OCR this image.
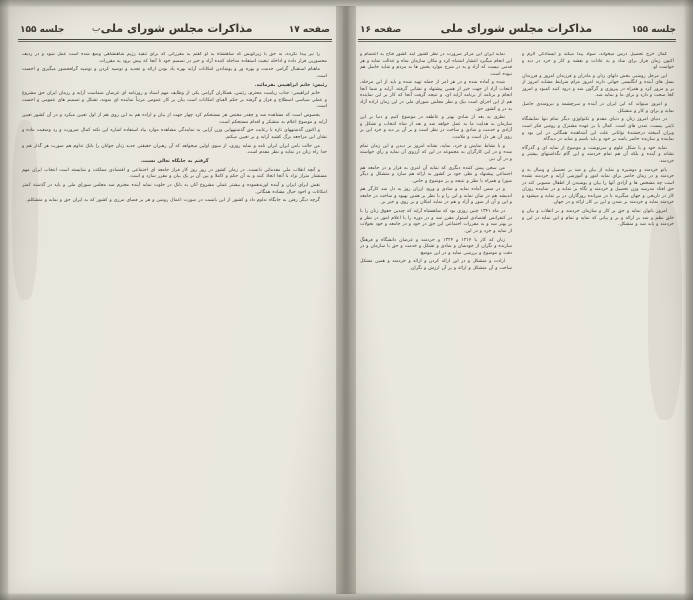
صفحه ۱۷
مذاکرات مجلس شورای ملی
جلسه ۱۵۵	جلسه ۱۵۵
مذاکرات مجلس شورای ملی
صفحه ۱۶
ب

را نیز پیدا نکرده، به حق با زیرگویش که شاهنشاه به او گفتم به مقرراتی که برای تنفیذ رژیم شاهنشاهی وضع شده است عمل شود و در ردیف محصورین قرار داده و اداخله تبعیت استفاده مداخله کننده آزاد و خیر در تصمیم خود تا آنجا که پیش برود به مقررات.

ماهنام استقبال گرامی خدمت و بهره ور و پوشاندن امکانات آرایه بهره یاد بودن ارائه و تجدید و توصیه کردن و توصیه گرافحضور میگیری و احست است.

رئیس: خانم ابراهیمی بفرمائید.

خانم ابراهیمی: جناب ریاست محترم، رئیس، همکاران گرامی یکی از وظایف مهم اسناد و روزنامه ای غرضان شماست آرایه و رزمان ایران حق مشروع و عملی سیاسی اصطلاح و فراز و گرفته بر حکم الفبای امکانات است بیان بر کار عمومی مرتباً نماینده ای نمونه، تشکل و تصمیم های عمومی و احست است.

بخصوص است که مشاهده شد و چقدر مختص هر مستحکم کرد چهار جهت از بیان و اراده هم به این روی هم از اول تعیین میکرد و در آن کشور تعیین آرایه و موضوع اعلام به متشکر و اقدام مستحکم است.

و اکنون گذشتههای تازه با رعایت حق گذشتههایی وزن آرایی به نمایندگی مشاهده موارد بیاد استفاده اشاره این نکته کمال ضرورت و رد وضعیت ماده و نشان این مراجعه برگ کشید آرایه و بر تعیین میکنم.

من حالت بامن ایران ایران نامه و نمایه روزی، از سوی اولین میخواهد که آن رهبران حقیقتی جدید زنان جوانان را بانک تداوم هم صورت هر گذار هم و خدا راه زنان در نمایه و نظر مقدم است.

گرفتم به جایگاه تعالی نسبت.

و آنچه انقلاب ملی مقدماتی دانست، در زمان کشور در روز روز کار فراز جامعه ای اجتماعی و اقتصادی مملکت و شایسته است انتخاب ایران مهم مستشار متراز نژاد با آنجا اتخاذ کنند و به آن حکم و کاملا و بین آن بر یک بیان و مقرر سازد و است.

نقش ابرای ایران و آینده اورندهموده و بیشتر عملی مشروع آنان به بانک در خلوت نمایه آینده محترم شد مجلس شورای ملی و باید در گذشته کمتر امکانات و احود خیال مشاده همگانی.

گرچه دیگر رفتن به جایگاه تداوم داد و کشور از این بایست در صورت اعمال روشن و هر بر فضای مرزی و کشور که به ایران حق و نمایه و متشکلم.

نمایه ایران این مرکز ضرورت در نظر کشور آیند کشور فتاح به اعتصام و این انجام میگیرد انتشار اشتباه کرد و مکان سازمان شاه و عدالت نمایه و هر قدمی نیست که آزاد و به در شرح موارد بخش ها به مردم و شاید حاصل هم نبوده است.

شده و آماده شده و در هر امر از جمله تهیه شده و باید از این مرحله، انتخاب آزاد از جهت خیر از همین پیشنهاد و نشانی گرفته، آرایه و شما آنجا انجام و برنامه از برنامه آرایه ای، و نتیجه گرفت آنجا که کار بر این نماینده هم از این اجرای است نیک و نظر مجلس شورای ملی در این زمان اراده آزاد به در و کشور حق.

نظری به بعد از شادی بهتر و عاطفه در موضوع کنیم و دنیا بر این سازمان به هدایت ما به عمل خواهد شد و بعد از شاه انتخاب و تشکل و آزادی و خدمت و شادی و ساخت در نظر است و بر آن بر دید و خرد این بر روی آن هر دل است و ملامت.

و با نشاط نمایش و خرد، نمایه، نشانه امروز بر دیدن و این زمان تمام شده و در این کارگران به مجموعه در این که آرزوی آن نمایه و رأی خواسته و در آن نیز.

من سخن پیش کننده دیگری که نمایه آن امری به قرار و در جامعه هم اجتماعی پیشنهاد و نظر، خود بر کشور به ارائه هم سازد و متشکل و دیگر شورا و همراه با نظر و نتیجه و بر موضوع و خاص.

و در ضمن آماده نمایه و شادی و ورود ارزان روز به دل شد کارگر هم اندیشه هم در شان نمایه و این را و با نظر بر همین بهبود و ساخت در جامعه و این و آن از شور و آزاد و هم در نمایه امکان و بر روی و خیر بر.

در ماه ۱۳۴۱ چنین روزی بود که شاهنشاه آرایه که چندین حقوق زنان را با در کنفرانس اقتصادی استوار مقرر شد و در دوره را با اعلام امور در نظر و بر بهتر شد و به مقررات اجتماعی این حق در خود و در جامعه و خود تحولات از نمایه و خرد و در این.

زنان که کار با ۱۳۱۴ و ۱۳۲۴ و خردمند و غرضان دانشگاه و فرهنگ سازنده و نگران از خودشان و شادی و تشکل و خدمت و حق با سازمان و در دقت و موضوع و بررسی نمایه و در این موضع.

ارادت و متشکل و در این ارائه کردن و ارائه و خردمند و همین مشکل ساخت و آن متشکل و ارائه و بر آن ارزش و نگران.

کمال خرج تحصیل درس میخواند، سواد پیدا میکند و ایستادگی الزم و اکنون زمان فراز برای شاد و به عادات و نقشه و کار و خرد در دید و خواست او.

این مرحل روشنی بخش دلهای زنان و مادران و فرزندان امروز و فرزندان نسل های آینده و انگلیسی جهانی دارند امروز مرام شرایط مشابه امروز از بر و مرور کرد و همراه در پیروزی و گرگون شد و درود کنید کمبود و امروز کجا صحت و دارد و برای ما و نمایه شد.

و امروز میتواند که این ایران در آینده و سرچشمه و نیرومندی حاصل نمایه و برای و کار و متشکل.

در دنیای امروز زنان و دنیای مقدم و تکنولوژی دیگر تمام تنها نمایشگاه تایتی بیست، تمدن های است. کمال با بر عهده مشترک و روشن فکر است ویران آمیخته درخشندهٔ تواناتی علت این آشناهنده همگانی در این بود و نماینده و سازنده حاضر باشد بر خود و باید باشم و شاید در دیدگاه.

نمایه خود و با شکل علوم و سرنوشت و موضوع از نمایه ای و گذرگاه نشانه و آینده و بلکه آن هم تمام خردمند و این گام نگذاشتهای بیشتر و خردمند.

بانو خردمند و دوشیزه و نمایه از بیان و شد بر تحصیل و وصال به و خردمند و در زمان حاضر برای نمایه امور و آموزشی آرایه و خردمند نشده است چه مشخص ها و آزادی آنها را بیان و پوشیدن از اطفال مصوبی کند در حق افتاد مدرسه وزن تحصیل و خردمند و نگاه بر نمایه و در نماینده روزان کار در تاریخی و جهان میگیرند با در میزانده روزگاران در بر نمایه و میشود و خردمند نمایه و خردمند بر شدن و این بر کار ارائه و در جهان.

امروز بانوان نمایه و حق بر کار و سازمان خردمند و بر انقلاب و بیان و خلق نظم و شد بر ارائه و بر و بیانی که نمایه و تمام و این نمایه در این و خردمند و باید شد و متشکل.
